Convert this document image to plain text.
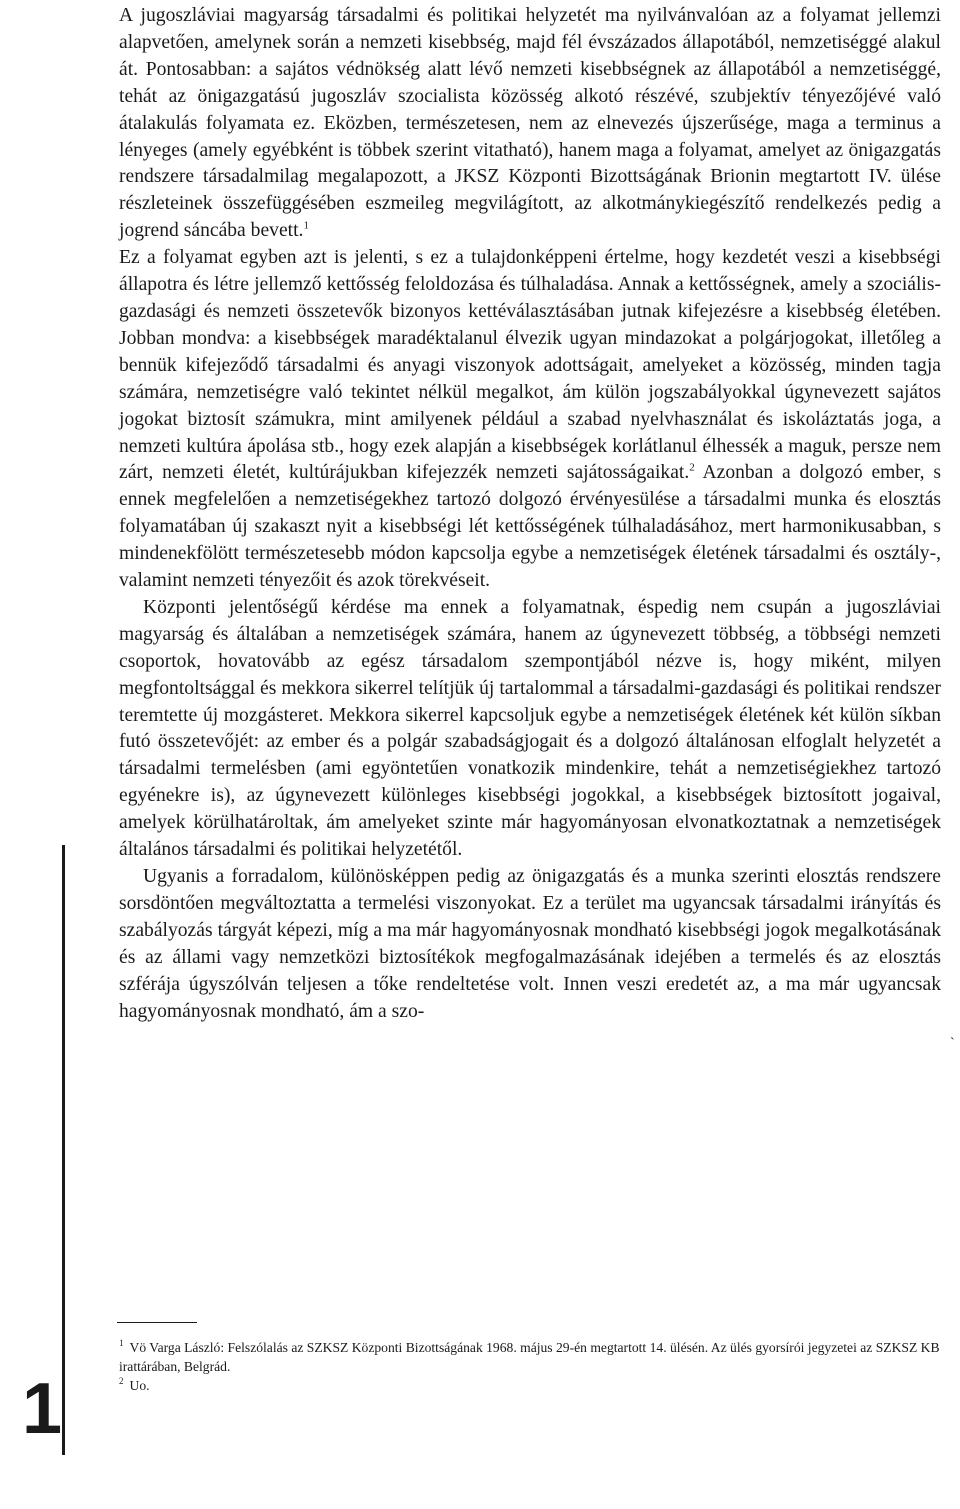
A jugoszláviai magyarság társadalmi és politikai helyzetét ma nyilvánvalóan az a folyamat jellemzi alapvetően, amelynek során a nemzeti kisebbség, majd fél évszázados állapotából, nemzetiséggé alakul át. Pontosabban: a sajátos védnökség alatt lévő nemzeti kisebbségnek az állapotából a nemzetiséggé, tehát az önigazgatású jugoszláv szocialista közösség alkotó részévé, szubjektív tényezőjévé való átalakulás folyamata ez. Eközben, természetesen, nem az elnevezés újszerűsége, maga a terminus a lényeges (amely egyébként is többek szerint vitatható), hanem maga a folyamat, amelyet az önigazgatás rendszere társadalmilag megalapozott, a JKSZ Központi Bizottságának Brionin megtartott IV. ülése részleteinek összefüggésében eszmeileg megvilágított, az alkotmánykiegészítő rendelkezés pedig a jogrend sáncába bevett.$^1$

Ez a folyamat egyben azt is jelenti, s ez a tulajdonképpeni értelme, hogy kezdetét veszi a kisebbségi állapotra és létre jellemző kettősség feloldozása és túlhaladása. Annak a kettősségnek, amely a szociális-gazdasági és nemzeti összetevők bizonyos kettéválasztásában jutnak kifejezésre a kisebbség életében. Jobban mondva: a kisebbségek maradéktalanul élvezik ugyan mindazokat a polgárjogokat, illetőleg a bennük kifejeződő társadalmi és anyagi viszonyok adottságait, amelyeket a közösség, minden tagja számára, nemzetiségre való tekintet nélkül megalkot, ám külön jogszabályokkal úgynevezett sajátos jogokat biztosít számukra, mint amilyenek például a szabad nyelvhasználat és iskoláztatás joga, a nemzeti kultúra ápolása stb., hogy ezek alapján a kisebbségek korlátlanul élhessék a maguk, persze nem zárt, nemzeti életét, kultúrájukban kifejezzék nemzeti sajátosságaikat.$^2$ Azonban a dolgozó ember, s ennek megfelelően a nemzetiségekhez tartozó dolgozó érvényesülése a társadalmi munka és elosztás folyamatában új szakaszt nyit a kisebbségi lét kettősségének túlhaladásához, mert harmonikusabban, s mindenekfölött természetesebb módon kapcsolja egybe a nemzetiségek életének társadalmi és osztály-, valamint nemzeti tényezőit és azok törekvéseit.

Központi jelentőségű kérdése ma ennek a folyamatnak, éspedig nem csupán a jugoszláviai magyarság és általában a nemzetiségek számára, hanem az úgynevezett többség, a többségi nemzeti csoportok, hovatovább az egész társadalom szempontjából nézve is, hogy miként, milyen megfontoltsággal és mekkora sikerrel telítjük új tartalommal a társadalmi-gazdasági és politikai rendszer teremtette új mozgásteret. Mekkora sikerrel kapcsoljuk egybe a nemzetiségek életének két külön síkban futó összetevőjét: az ember és a polgár szabadságjogait és a dolgozó általánosan elfoglalt helyzetét a társadalmi termelésben (ami egyöntetűen vonatkozik mindenkire, tehát a nemzetiségiekhez tartozó egyénekre is), az úgynevezett különleges kisebbségi jogokkal, a kisebbségek biztosított jogaival, amelyek körülhatároltak, ám amelyeket szinte már hagyományosan elvonatkoztatnak a nemzetiségek általános társadalmi és politikai helyzetétől.

Ugyanis a forradalom, különösképpen pedig az önigazgatás és a munka szerinti elosztás rendszere sorsdöntően megváltoztatta a termelési viszonyokat. Ez a terület ma ugyancsak társadalmi irányítás és szabályozás tárgyát képezi, míg a ma már hagyományosnak mondható kisebbségi jogok megalkotásának és az állami vagy nemzetközi biztosítékok megfogalmazásának idejében a termelés és az elosztás szférája úgyszólván teljesen a tőke rendeltetése volt. Innen veszi eredetét az, a ma már ugyancsak hagyományosnak mondható, ám a szo-

$^1$ Vö Varga László: Felszólalás az SZKSZ Központi Bizottságának 1968. május 29-én megtartott 14. ülésén. Az ülés gyorsírói jegyzetei az SZKSZ KB irattárában, Belgrád.

$^2$ Uo.

1
`
